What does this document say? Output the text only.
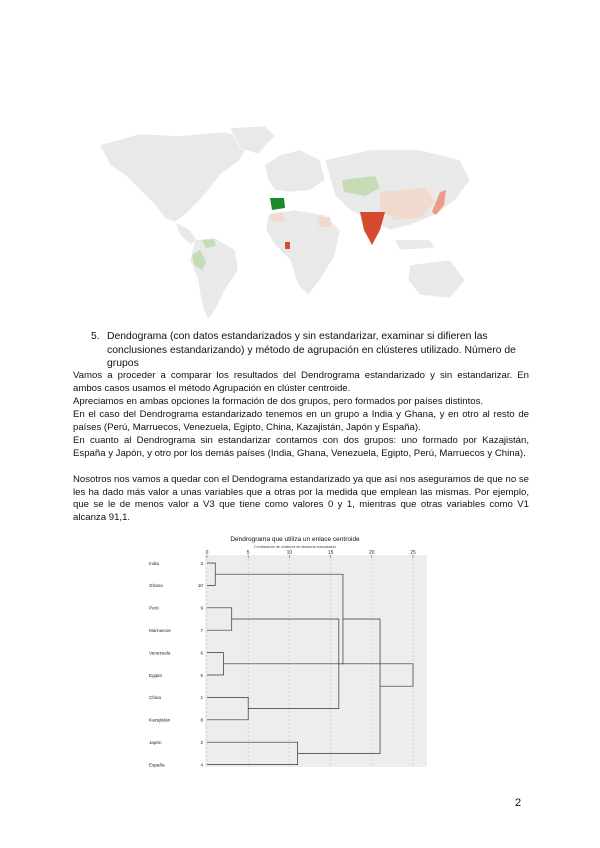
5. Dendograma (con datos estandarizados y sin estandarizar, examinar si difieren las conclusiones estandarizando) y método de agrupación en clústeres utilizado. Número de grupos
Vamos a proceder a comparar los resultados del Dendrograma estandarizado y sin estandarizar. En ambos casos usamos el método Agrupación en clúster centroide.
Apreciamos en ambas opciones la formación de dos grupos, pero formados por países distintos.
En el caso del Dendrograma estandarizado tenemos en un grupo a India y Ghana, y en otro al resto de países (Perú, Marruecos, Venezuela, Egipto, China, Kazajistán, Japón y España).
En cuanto al Dendrograma sin estandarizar contamos con dos grupos: uno formado por Kazajistán, España y Japón, y otro por los demás países (India, Ghana, Venezuela, Egipto, Perú, Marruecos y China).
Nosotros nos vamos a quedar con el Dendograma estandarizado ya que así nos aseguramos de que no se les ha dado más valor a unas variables que a otras por la medida que emplean las mismas. Por ejemplo, que se le de menos valor a V3 que tiene como valores 0 y 1, mientras que otras variables como V1 alcanza 91,1.
Dendrograma que utiliza un enlace centroide
Combinación de clústeres de distancia reescalados
0	5	10	15	20	25
India	3
Ghana	10
Perú	9
Marruecos	7
Venezuela	6
Egipto	5
China	1
Kazajistán	8
Japón	2
España	4
2
